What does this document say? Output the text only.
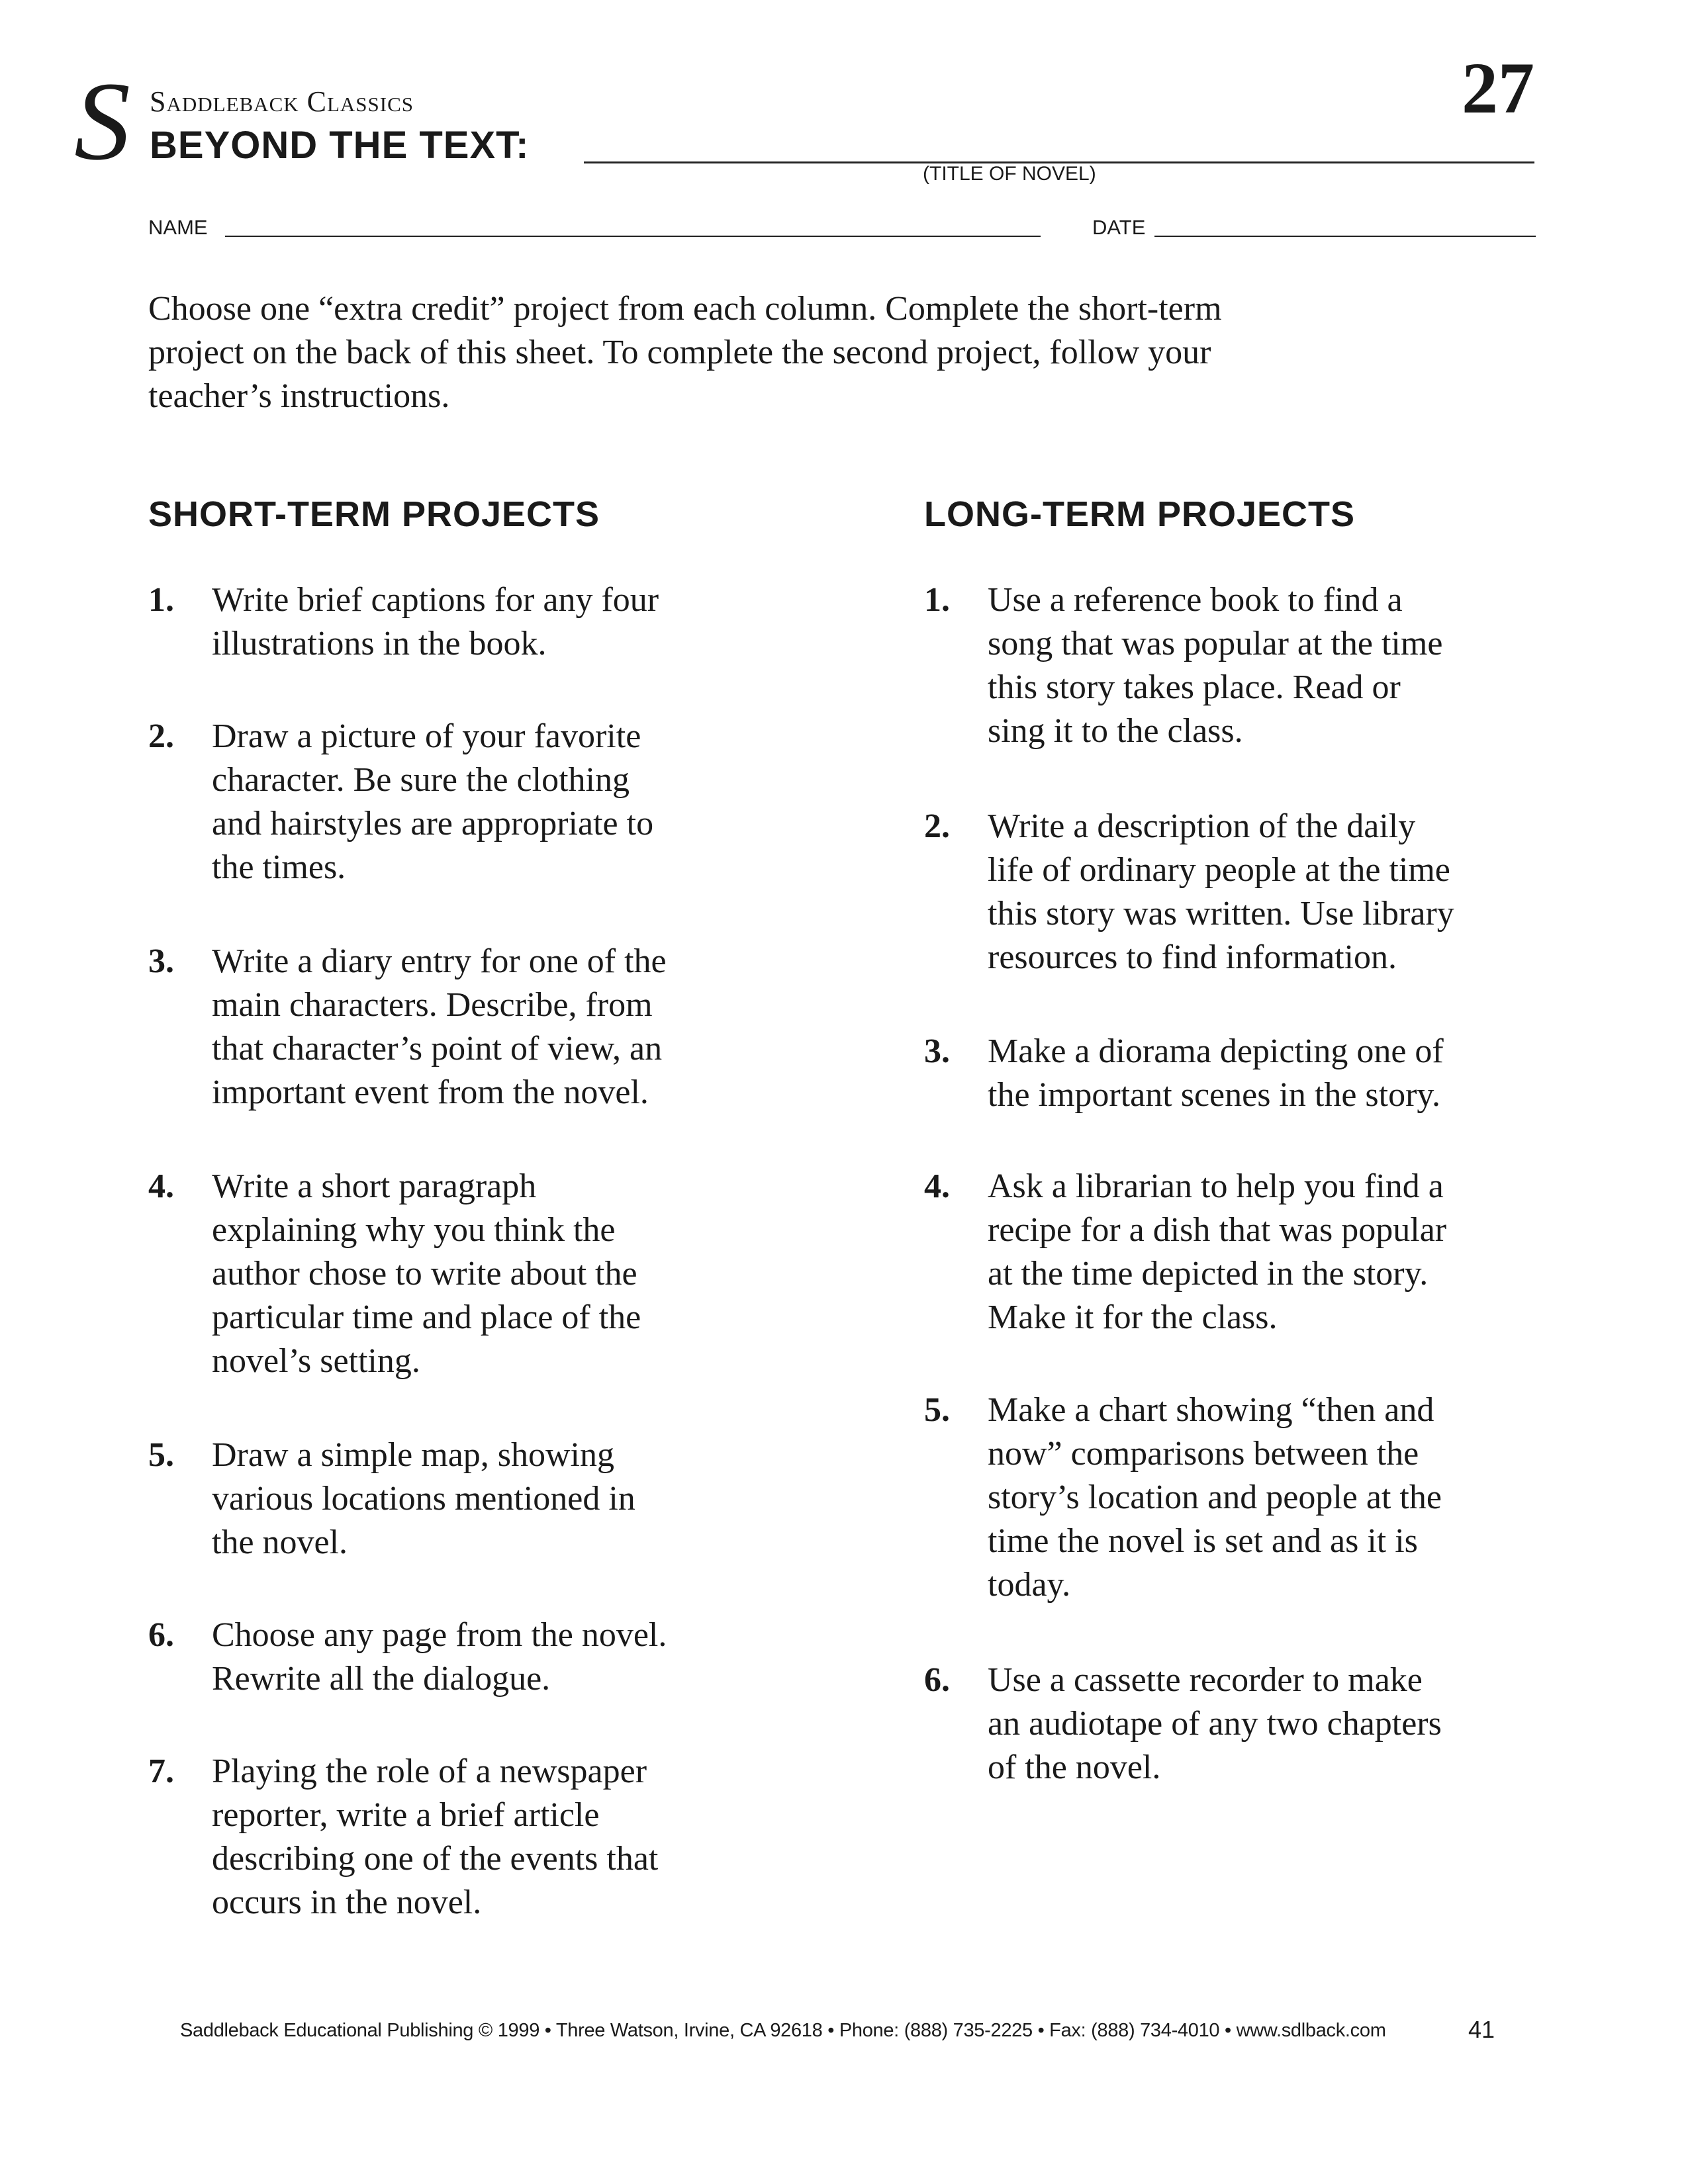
S Saddleback Classics	27
BEYOND THE TEXT:
(TITLE OF NOVEL)
NAME	DATE
Choose one “extra credit” project from each column. Complete the short-term
project on the back of this sheet. To complete the second project, follow your
teacher’s instructions.
SHORT-TERM PROJECTS	LONG-TERM PROJECTS
1. Write brief captions for any four
illustrations in the book.
2. Draw a picture of your favorite
character. Be sure the clothing
and hairstyles are appropriate to
the times.
3. Write a diary entry for one of the
main characters. Describe, from
that character’s point of view, an
important event from the novel.
4. Write a short paragraph
explaining why you think the
author chose to write about the
particular time and place of the
novel’s setting.
5. Draw a simple map, showing
various locations mentioned in
the novel.
6. Choose any page from the novel.
Rewrite all the dialogue.
7. Playing the role of a newspaper
reporter, write a brief article
describing one of the events that
occurs in the novel.
1. Use a reference book to find a
song that was popular at the time
this story takes place. Read or
sing it to the class.
2. Write a description of the daily
life of ordinary people at the time
this story was written. Use library
resources to find information.
3. Make a diorama depicting one of
the important scenes in the story.
4. Ask a librarian to help you find a
recipe for a dish that was popular
at the time depicted in the story.
Make it for the class.
5. Make a chart showing “then and
now” comparisons between the
story’s location and people at the
time the novel is set and as it is
today.
6. Use a cassette recorder to make
an audiotape of any two chapters
of the novel.
Saddleback Educational Publishing © 1999 • Three Watson, Irvine, CA 92618 • Phone: (888) 735-2225 • Fax: (888) 734-4010 • www.sdlback.com	41
